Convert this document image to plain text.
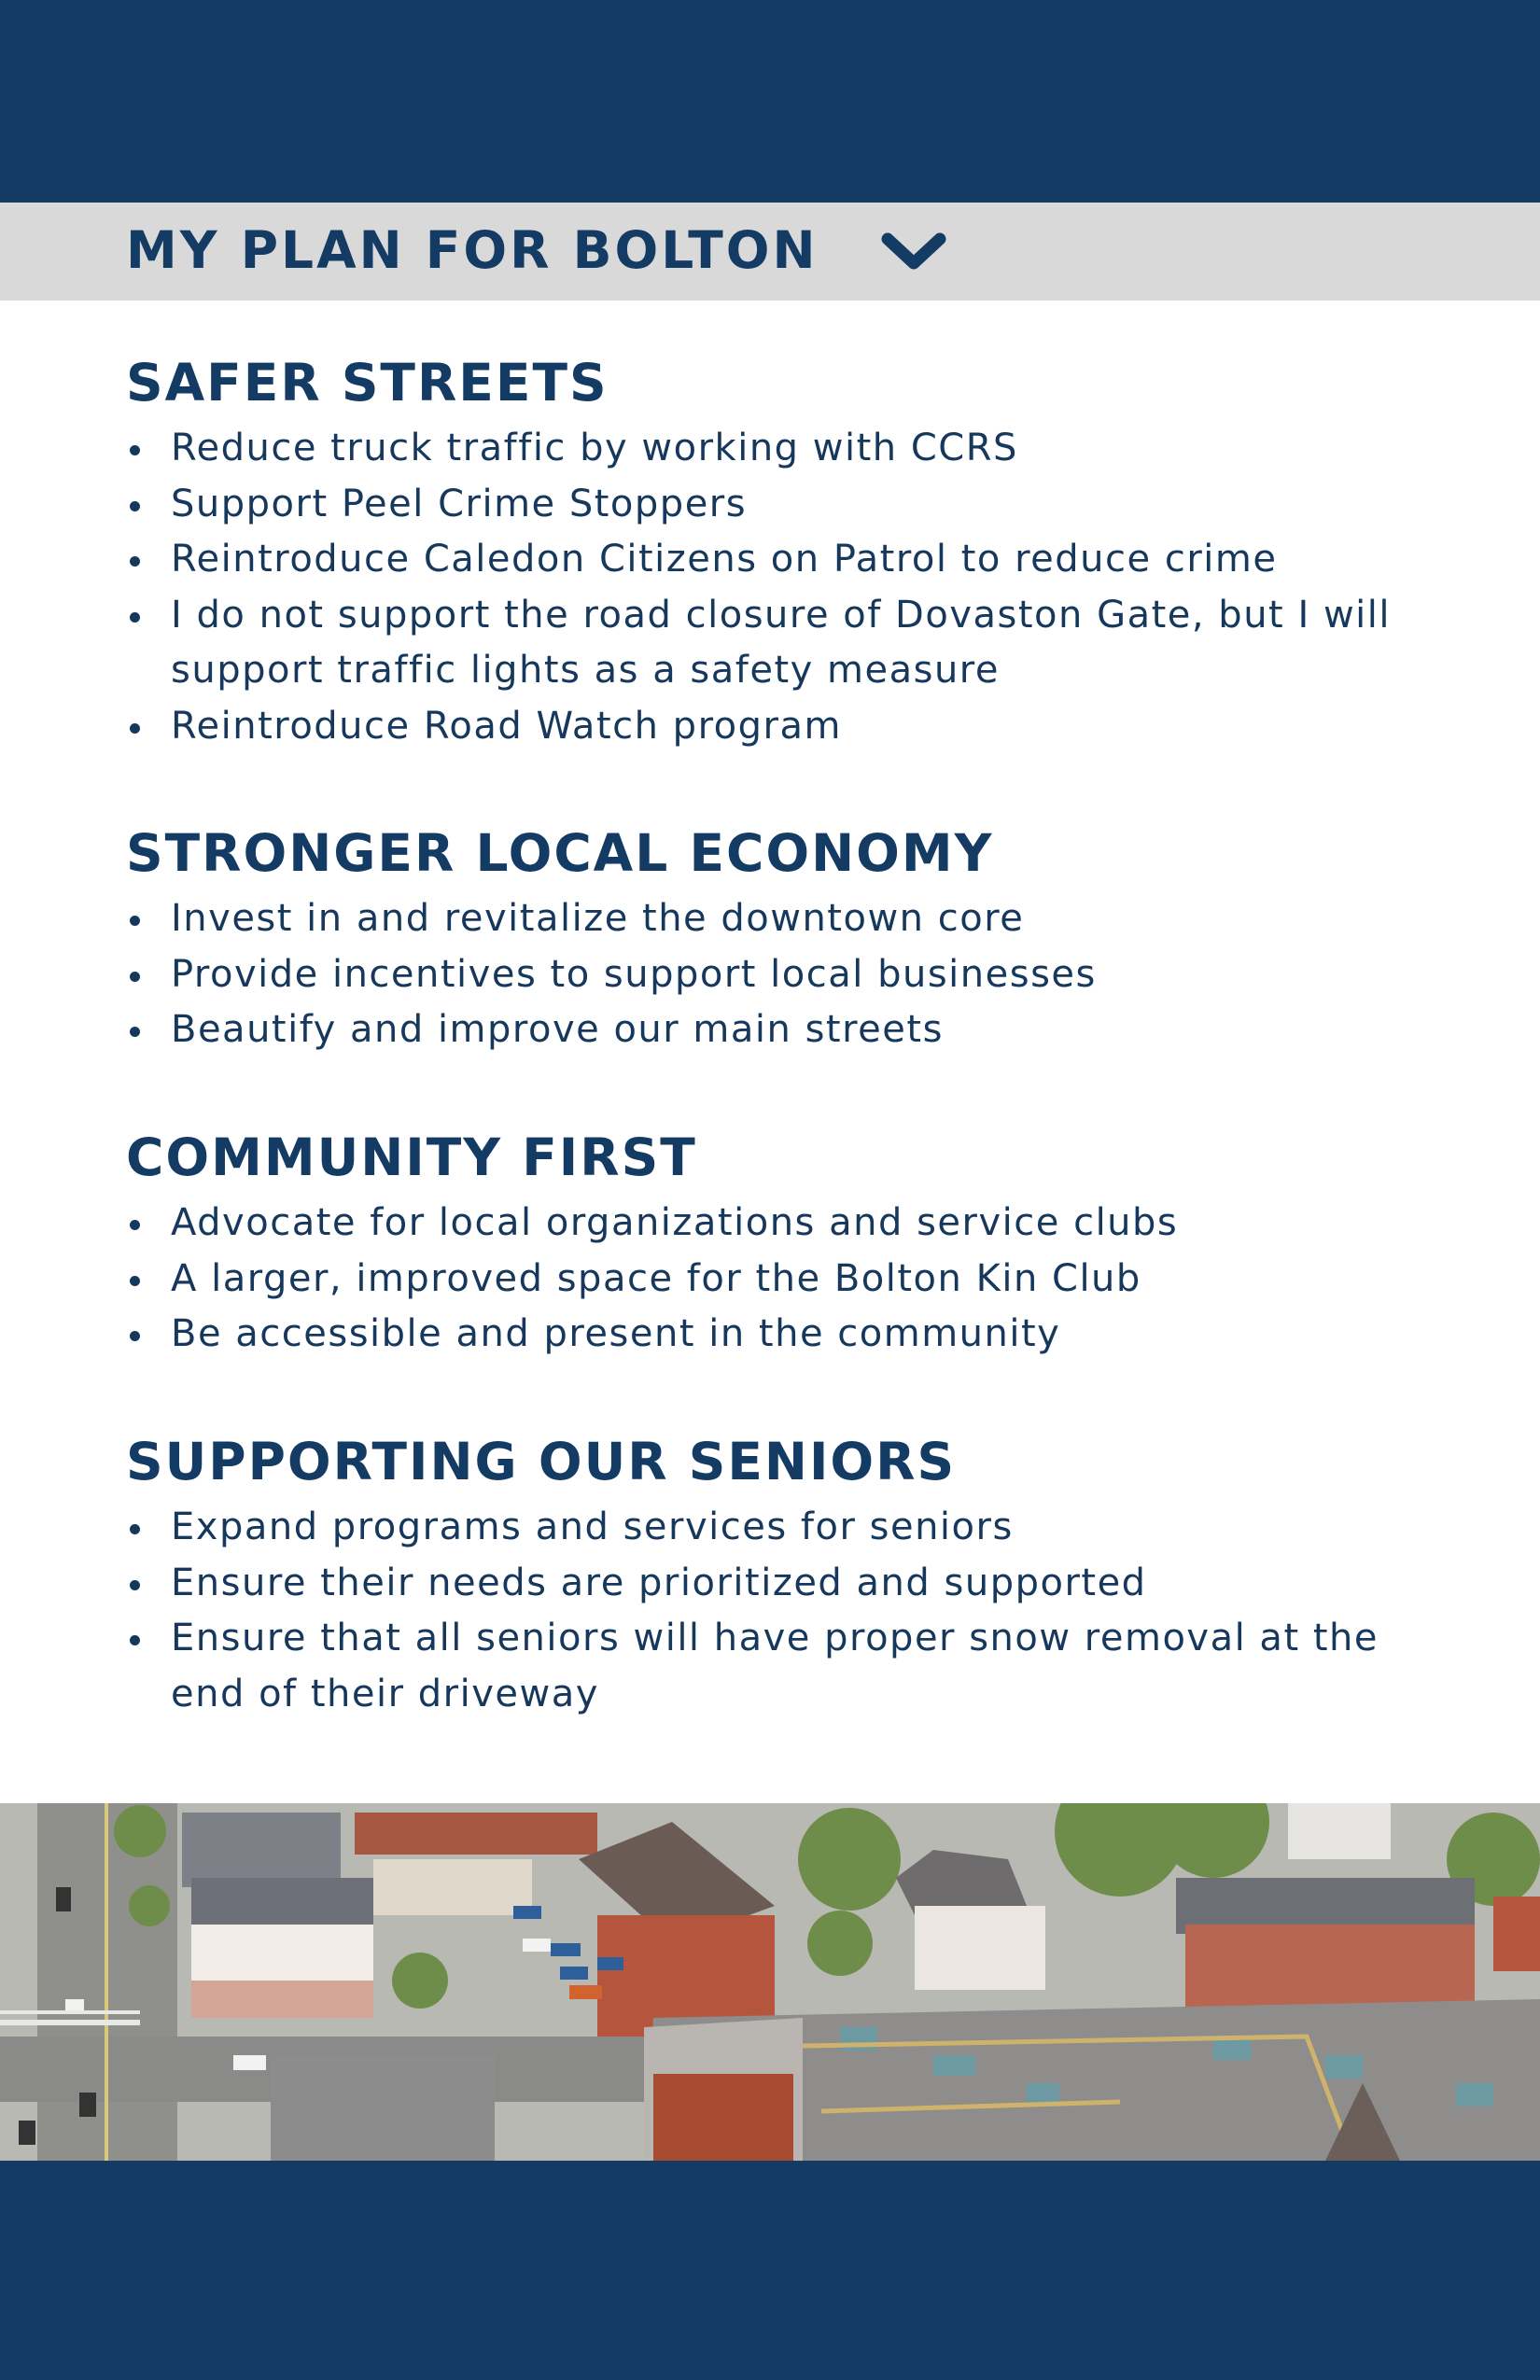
MY PLAN FOR BOLTON
SAFER STREETS
Reduce truck traffic by working with CCRS
Support Peel Crime Stoppers
Reintroduce Caledon Citizens on Patrol to reduce crime
I do not support the road closure of Dovaston Gate, but I will support traffic lights as a safety measure
Reintroduce Road Watch program
STRONGER LOCAL ECONOMY
Invest in and revitalize the downtown core
Provide incentives to support local businesses
Beautify and improve our main streets
COMMUNITY FIRST
Advocate for local organizations and service clubs
A larger, improved space for the Bolton Kin Club
Be accessible and present in the community
SUPPORTING OUR SENIORS
Expand programs and services for seniors
Ensure their needs are prioritized and supported
Ensure that all seniors will have proper snow removal at the end of their driveway
